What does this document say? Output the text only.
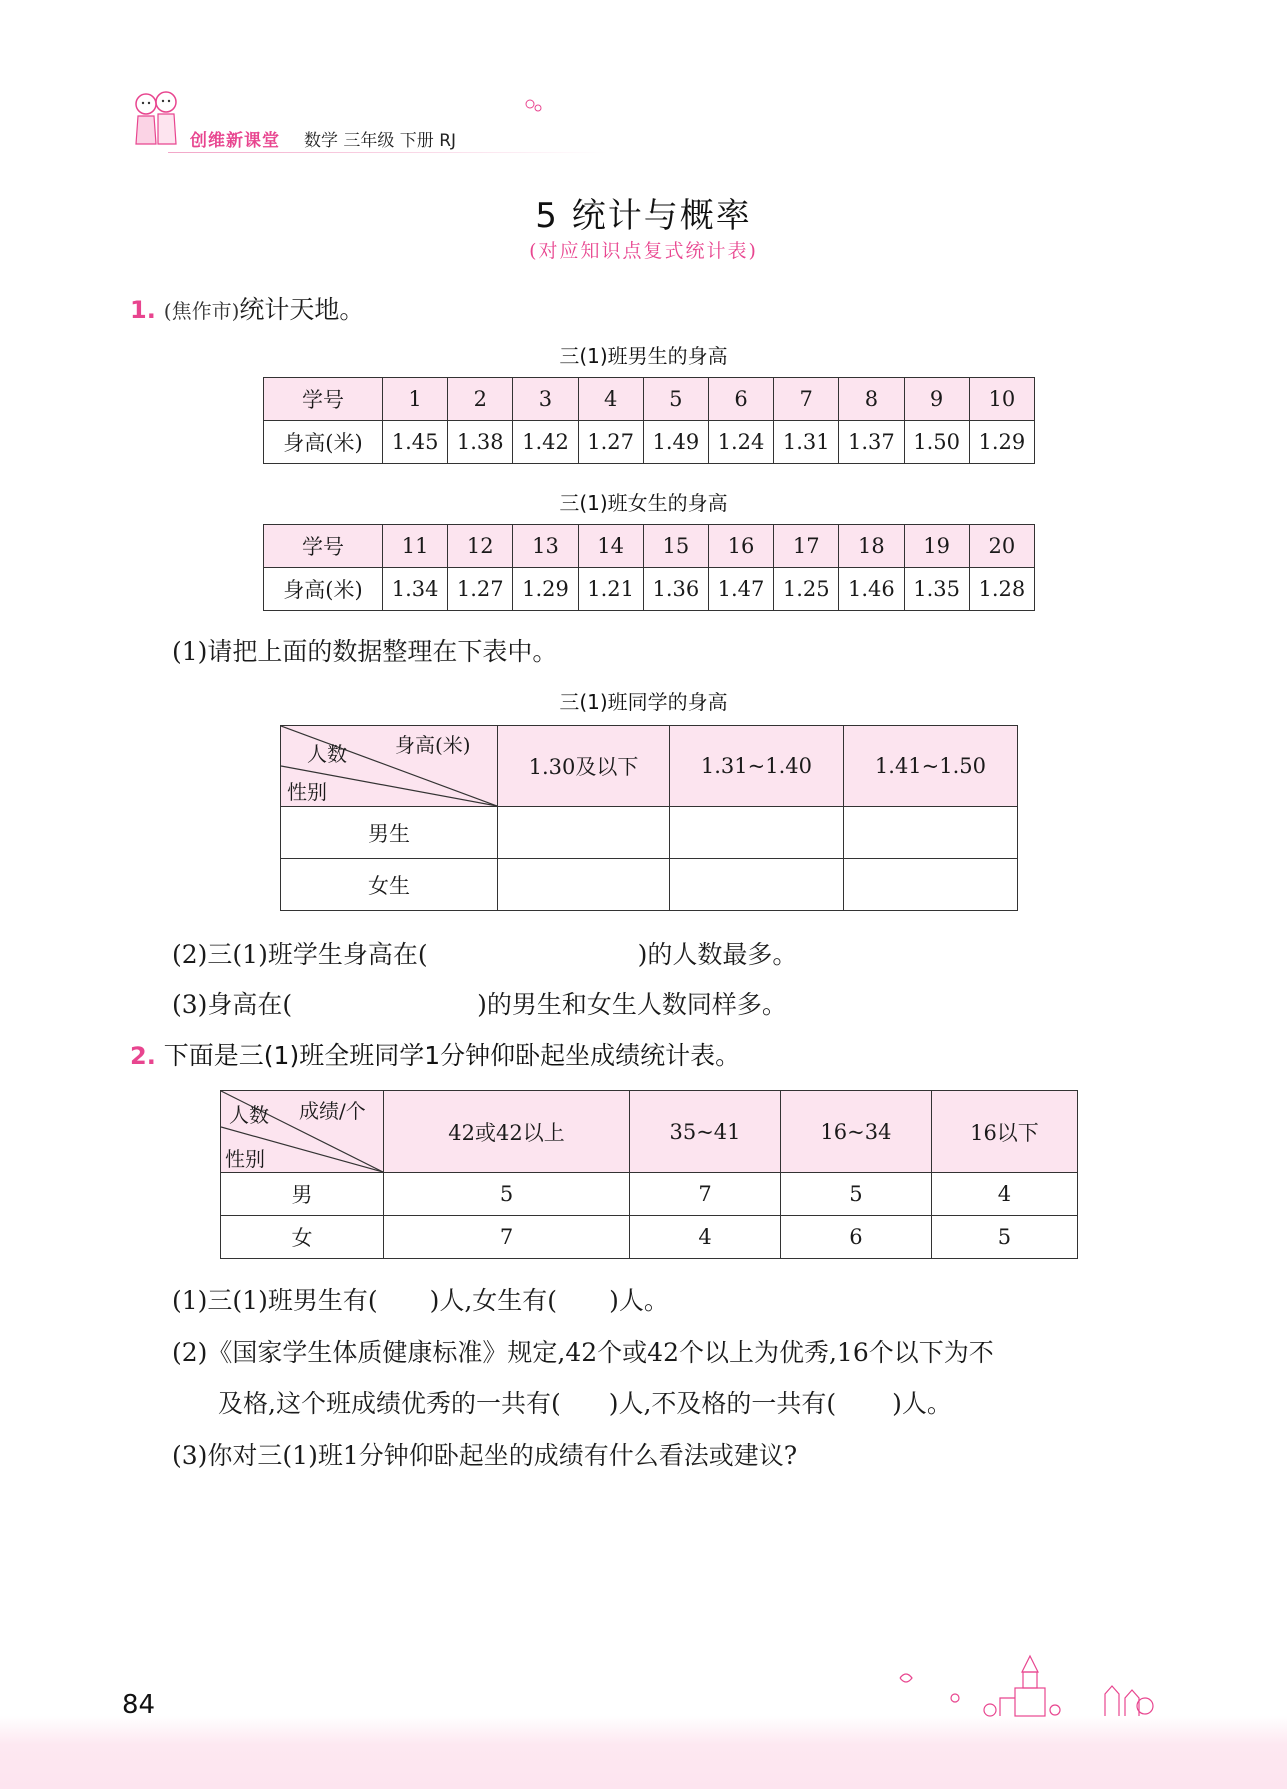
创维新课堂 数学 三年级 下册 RJ
5 统计与概率
(对应知识点复式统计表)
1. (焦作市)统计天地。
三(1)班男生的身高
学号	1	2	3	4	5	6	7	8	9	10
身高(米)	1.45	1.38	1.42	1.27	1.49	1.24	1.31	1.37	1.50	1.29
三(1)班女生的身高
学号	11	12	13	14	15	16	17	18	19	20
身高(米)	1.34	1.27	1.29	1.21	1.36	1.47	1.25	1.46	1.35	1.28
(1)请把上面的数据整理在下表中。
三(1)班同学的身高
身高(米)
人数
性别	1.30及以下	1.31~1.40	1.41~1.50
男生			
女生			
(2)三(1)班学生身高在(	)的人数最多。
(3)身高在(	)的男生和女生人数同样多。
2. 下面是三(1)班全班同学1分钟仰卧起坐成绩统计表。
成绩/个
人数
性别	42或42以上	35~41	16~34	16以下
男	5	7	5	4
女	7	4	6	5
(1)三(1)班男生有( )人,女生有( )人。
(2)《国家学生体质健康标准》规定,42个或42个以上为优秀,16个以下为不
及格,这个班成绩优秀的一共有( )人,不及格的一共有( )人。
(3)你对三(1)班1分钟仰卧起坐的成绩有什么看法或建议?
84
